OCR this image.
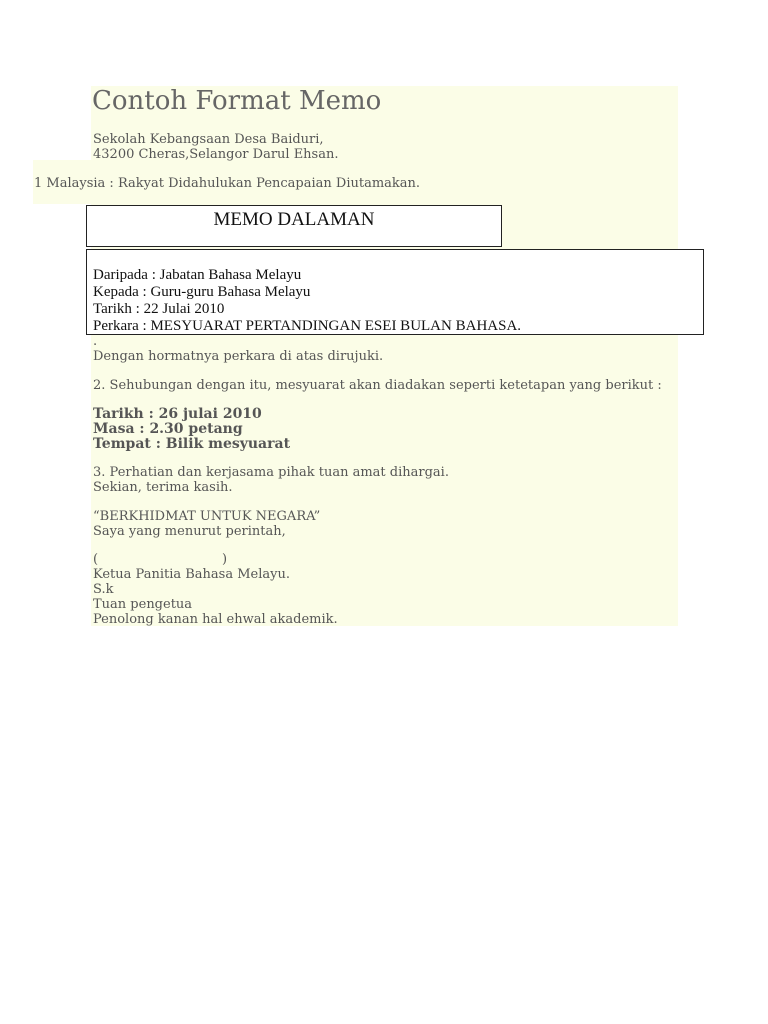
Contoh Format Memo
Sekolah Kebangsaan Desa Baiduri,
43200 Cheras,Selangor Darul Ehsan.
1 Malaysia : Rakyat Didahulukan Pencapaian Diutamakan.
MEMO DALAMAN
Daripada : Jabatan Bahasa Melayu
Kepada : Guru-guru Bahasa Melayu
Tarikh : 22 Julai 2010
Perkara : MESYUARAT PERTANDINGAN ESEI BULAN BAHASA.
.
Dengan hormatnya perkara di atas dirujuki.
2. Sehubungan dengan itu, mesyuarat akan diadakan seperti ketetapan yang berikut :
Tarikh : 26 julai 2010
Masa : 2.30 petang
Tempat : Bilik mesyuarat
3. Perhatian dan kerjasama pihak tuan amat dihargai.
Sekian, terima kasih.
“BERKHIDMAT UNTUK NEGARA”
Saya yang menurut perintah,
(                              )
Ketua Panitia Bahasa Melayu.
S.k
Tuan pengetua
Penolong kanan hal ehwal akademik.
